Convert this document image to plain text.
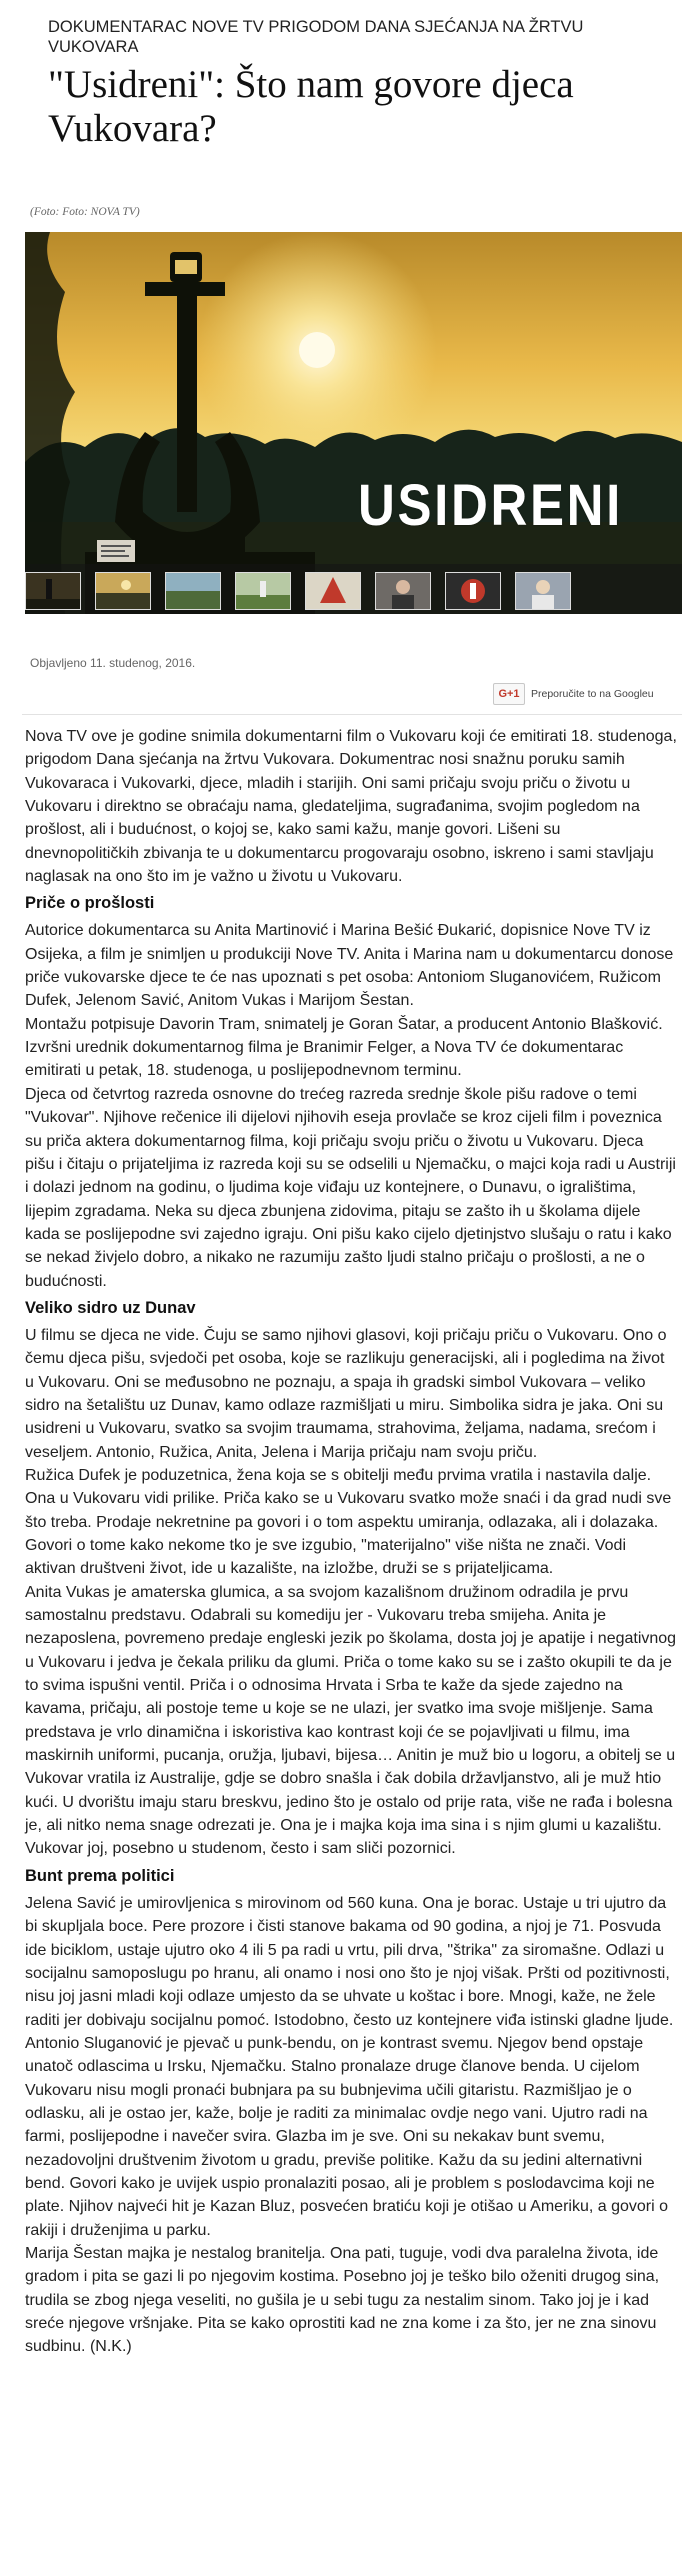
DOKUMENTARAC NOVE TV PRIGODOM DANA SJEĆANJA NA ŽRTVU VUKOVARA
"Usidreni": Što nam govore djeca Vukovara?
(Foto: Foto: NOVA TV)
USIDRENI
Objavljeno 11. studenog, 2016.
G+1	Preporučite to na Googleu

Nova TV ove je godine snimila dokumentarni film o Vukovaru koji će emitirati 18. studenoga, prigodom Dana sjećanja na žrtvu Vukovara. Dokumentrac nosi snažnu poruku samih Vukovaraca i Vukovarki, djece, mladih i starijih. Oni sami pričaju svoju priču o životu u Vukovaru i direktno se obraćaju nama, gledateljima, sugrađanima, svojim pogledom na prošlost, ali i budućnost, o kojoj se, kako sami kažu, manje govori. Lišeni su dnevnopolitičkih zbivanja te u dokumentarcu progovaraju osobno, iskreno i sami stavljaju naglasak na ono što im je važno u životu u Vukovaru.

Priče o prošlosti

Autorice dokumentarca su Anita Martinović i Marina Bešić Đukarić, dopisnice Nove TV iz Osijeka, a film je snimljen u produkciji Nove TV. Anita i Marina nam u dokumentarcu donose priče vukovarske djece te će nas upoznati s pet osoba: Antoniom Sluganovićem, Ružicom Dufek, Jelenom Savić, Anitom Vukas i Marijom Šestan.

Montažu potpisuje Davorin Tram, snimatelj je Goran Šatar, a producent Antonio Blašković. Izvršni urednik dokumentarnog filma je Branimir Felger, a Nova TV će dokumentarac emitirati u petak, 18. studenoga, u poslijepodnevnom terminu.

Djeca od četvrtog razreda osnovne do trećeg razreda srednje škole pišu radove o temi "Vukovar". Njihove rečenice ili dijelovi njihovih eseja provlače se kroz cijeli film i poveznica su priča aktera dokumentarnog filma, koji pričaju svoju priču o životu u Vukovaru. Djeca pišu i čitaju o prijateljima iz razreda koji su se odselili u Njemačku, o majci koja radi u Austriji i dolazi jednom na godinu, o ljudima koje viđaju uz kontejnere, o Dunavu, o igralištima, lijepim zgradama. Neka su djeca zbunjena zidovima, pitaju se zašto ih u školama dijele kada se poslijepodne svi zajedno igraju. Oni pišu kako cijelo djetinjstvo slušaju o ratu i kako se nekad živjelo dobro, a nikako ne razumiju zašto ljudi stalno pričaju o prošlosti, a ne o budućnosti.

Veliko sidro uz Dunav

U filmu se djeca ne vide. Čuju se samo njihovi glasovi, koji pričaju priču o Vukovaru. Ono o čemu djeca pišu, svjedoči pet osoba, koje se razlikuju generacijski, ali i pogledima na život u Vukovaru. Oni se međusobno ne poznaju, a spaja ih gradski simbol Vukovara – veliko sidro na šetalištu uz Dunav, kamo odlaze razmišljati u miru. Simbolika sidra je jaka. Oni su usidreni u Vukovaru, svatko sa svojim traumama, strahovima, željama, nadama, srećom i veseljem. Antonio, Ružica, Anita, Jelena i Marija pričaju nam svoju priču.

Ružica Dufek je poduzetnica, žena koja se s obitelji među prvima vratila i nastavila dalje. Ona u Vukovaru vidi prilike. Priča kako se u Vukovaru svatko može snaći i da grad nudi sve što treba. Prodaje nekretnine pa govori i o tom aspektu umiranja, odlazaka, ali i dolazaka. Govori o tome kako nekome tko je sve izgubio, "materijalno" više ništa ne znači. Vodi aktivan društveni život, ide u kazalište, na izložbe, druži se s prijateljicama.

Anita Vukas je amaterska glumica, a sa svojom kazališnom družinom odradila je prvu samostalnu predstavu. Odabrali su komediju jer - Vukovaru treba smijeha. Anita je nezaposlena, povremeno predaje engleski jezik po školama, dosta joj je apatije i negativnog u Vukovaru i jedva je čekala priliku da glumi. Priča o tome kako su se i zašto okupili te da je to svima ispušni ventil. Priča i o odnosima Hrvata i Srba te kaže da sjede zajedno na kavama, pričaju, ali postoje teme u koje se ne ulazi, jer svatko ima svoje mišljenje. Sama predstava je vrlo dinamična i iskoristiva kao kontrast koji će se pojavljivati u filmu, ima maskirnih uniformi, pucanja, oružja, ljubavi, bijesa… Anitin je muž bio u logoru, a obitelj se u Vukovar vratila iz Australije, gdje se dobro snašla i čak dobila državljanstvo, ali je muž htio kući. U dvorištu imaju staru breskvu, jedino što je ostalo od prije rata, više ne rađa i bolesna je, ali nitko nema snage odrezati je. Ona je i majka koja ima sina i s njim glumi u kazalištu. Vukovar joj, posebno u studenom, često i sam sliči pozornici.

Bunt prema politici

Jelena Savić je umirovljenica s mirovinom od 560 kuna. Ona je borac. Ustaje u tri ujutro da bi skupljala boce. Pere prozore i čisti stanove bakama od 90 godina, a njoj je 71. Posvuda ide biciklom, ustaje ujutro oko 4 ili 5 pa radi u vrtu, pili drva, "štrika" za siromašne. Odlazi u socijalnu samoposlugu po hranu, ali onamo i nosi ono što je njoj višak. Pršti od pozitivnosti, nisu joj jasni mladi koji odlaze umjesto da se uhvate u koštac i bore. Mnogi, kaže, ne žele raditi jer dobivaju socijalnu pomoć. Istodobno, često uz kontejnere viđa istinski gladne ljude.

Antonio Sluganović je pjevač u punk-bendu, on je kontrast svemu. Njegov bend opstaje unatoč odlascima u Irsku, Njemačku. Stalno pronalaze druge članove benda. U cijelom Vukovaru nisu mogli pronaći bubnjara pa su bubnjevima učili gitaristu. Razmišljao je o odlasku, ali je ostao jer, kaže, bolje je raditi za minimalac ovdje nego vani. Ujutro radi na farmi, poslijepodne i navečer svira. Glazba im je sve. Oni su nekakav bunt svemu, nezadovoljni društvenim životom u gradu, previše politike. Kažu da su jedini alternativni bend. Govori kako je uvijek uspio pronalaziti posao, ali je problem s poslodavcima koji ne plate. Njihov najveći hit je Kazan Bluz, posvećen bratiću koji je otišao u Ameriku, a govori o rakiji i druženjima u parku.

Marija Šestan majka je nestalog branitelja. Ona pati, tuguje, vodi dva paralelna života, ide gradom i pita se gazi li po njegovim kostima. Posebno joj je teško bilo oženiti drugog sina, trudila se zbog njega veseliti, no gušila je u sebi tugu za nestalim sinom. Tako joj je i kad sreće njegove vršnjake. Pita se kako oprostiti kad ne zna kome i za što, jer ne zna sinovu sudbinu. (N.K.)
